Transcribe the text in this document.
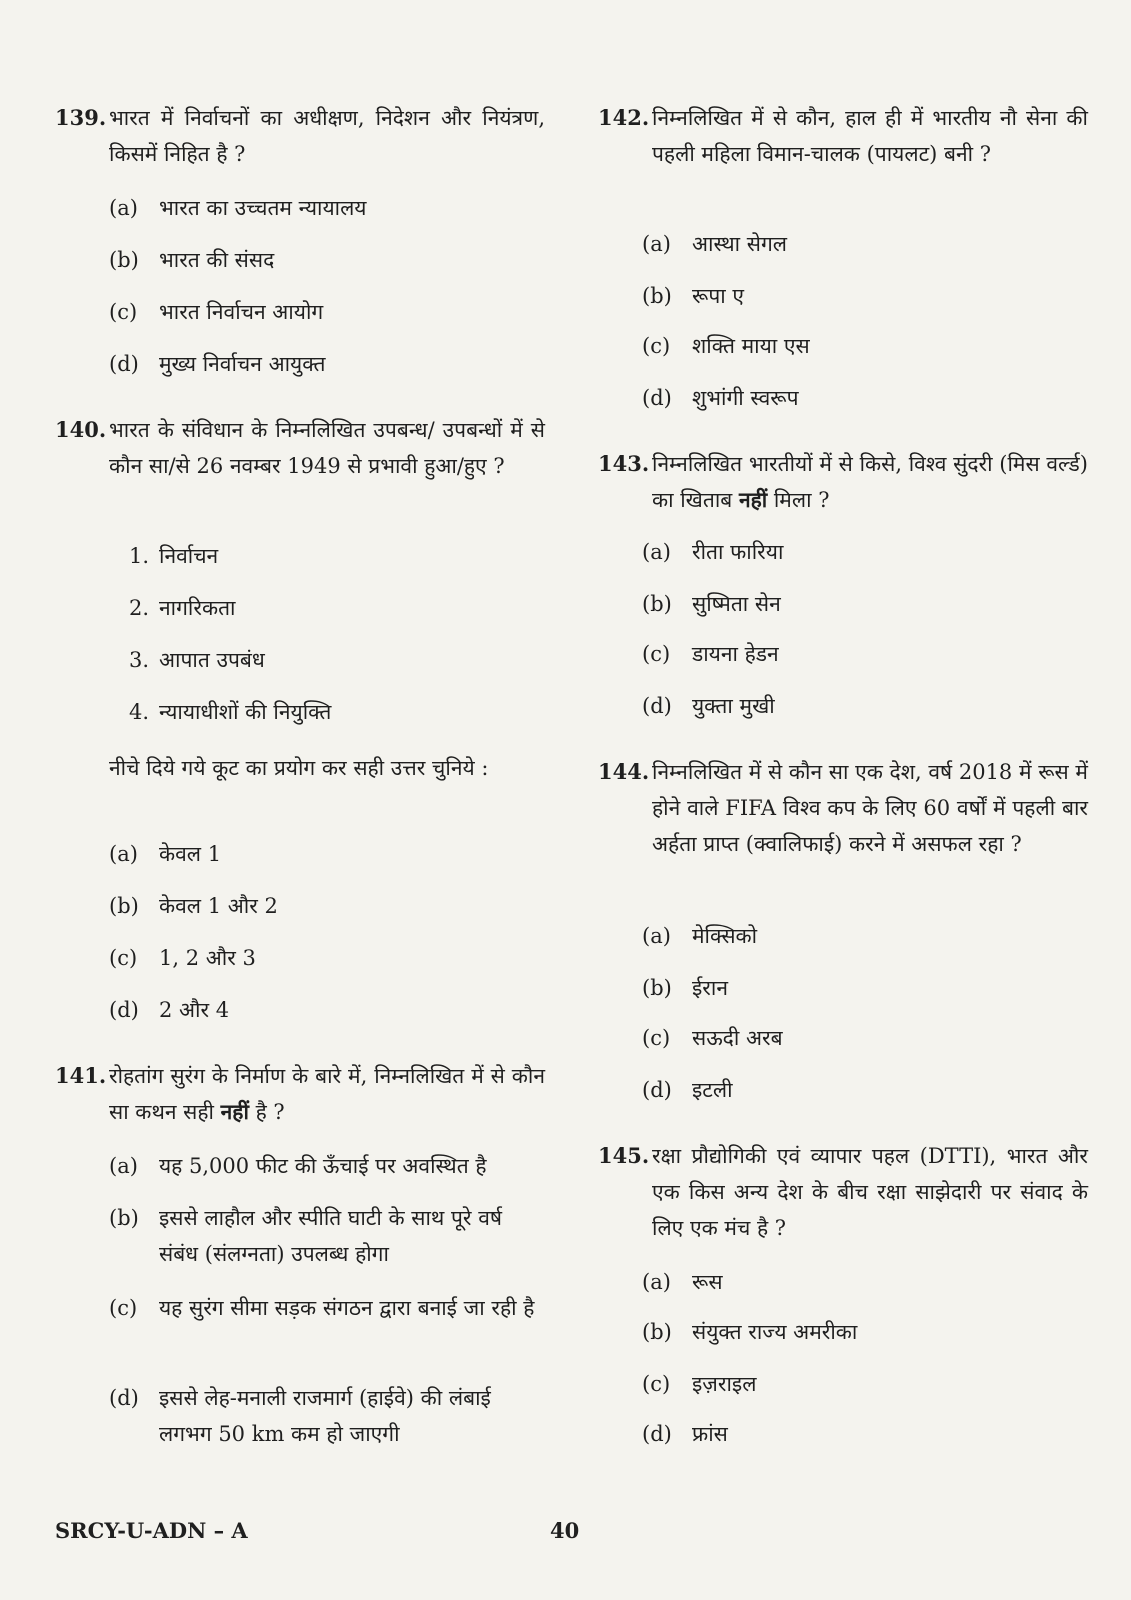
139. भारत में निर्वाचनों का अधीक्षण, निदेशन और नियंत्रण, किसमें निहित है ?
(a)	भारत का उच्चतम न्यायालय
(b) भारत की संसद
(c)	भारत निर्वाचन आयोग
(d) मुख्य निर्वाचन आयुक्त
140. भारत के संविधान के निम्नलिखित उपबन्ध/ उपबन्धों में से कौन सा/से 26 नवम्बर 1949 से प्रभावी हुआ/हुए ?
1. निर्वाचन
2. नागरिकता
3. आपात उपबंध
4. न्यायाधीशों की नियुक्ति
नीचे दिये गये कूट का प्रयोग कर सही उत्तर चुनिये :
(a)	केवल 1
(b) केवल 1 और 2
(c)	1, 2 और 3
(d) 2 और 4
141. रोहतांग सुरंग के निर्माण के बारे में, निम्नलिखित में से कौन सा कथन सही नहीं है ?
(a)	यह 5,000 फीट की ऊँचाई पर अवस्थित है
(b) इससे लाहौल और स्पीति घाटी के साथ पूरे वर्ष संबंध (संलग्नता) उपलब्ध होगा
(c)	यह सुरंग सीमा सड़क संगठन द्वारा बनाई जा रही है
(d) इससे लेह-मनाली राजमार्ग (हाईवे) की लंबाई लगभग 50 km कम हो जाएगी
142. निम्नलिखित में से कौन, हाल ही में भारतीय नौ सेना की पहली महिला विमान-चालक (पायलट) बनी ?
(a)	आस्था सेगल
(b) रूपा ए
(c)	शक्ति माया एस
(d) शुभांगी स्वरूप
143. निम्नलिखित भारतीयों में से किसे, विश्व सुंदरी (मिस वर्ल्ड) का खिताब नहीं मिला ?
(a)	रीता फारिया
(b) सुष्मिता सेन
(c)	डायना हेडन
(d) युक्ता मुखी
144. निम्नलिखित में से कौन सा एक देश, वर्ष 2018 में रूस में होने वाले FIFA विश्व कप के लिए 60 वर्षों में पहली बार अर्हता प्राप्त (क्वालिफाई) करने में असफल रहा ?
(a)	मेक्सिको
(b) ईरान
(c)	सऊदी अरब
(d) इटली
145. रक्षा प्रौद्योगिकी एवं व्यापार पहल (DTTI), भारत और एक किस अन्य देश के बीच रक्षा साझेदारी पर संवाद के लिए एक मंच है ?
(a)	रूस
(b) संयुक्त राज्य अमरीका
(c)	इज़राइल
(d) फ्रांस
SRCY-U-ADN – A	40
